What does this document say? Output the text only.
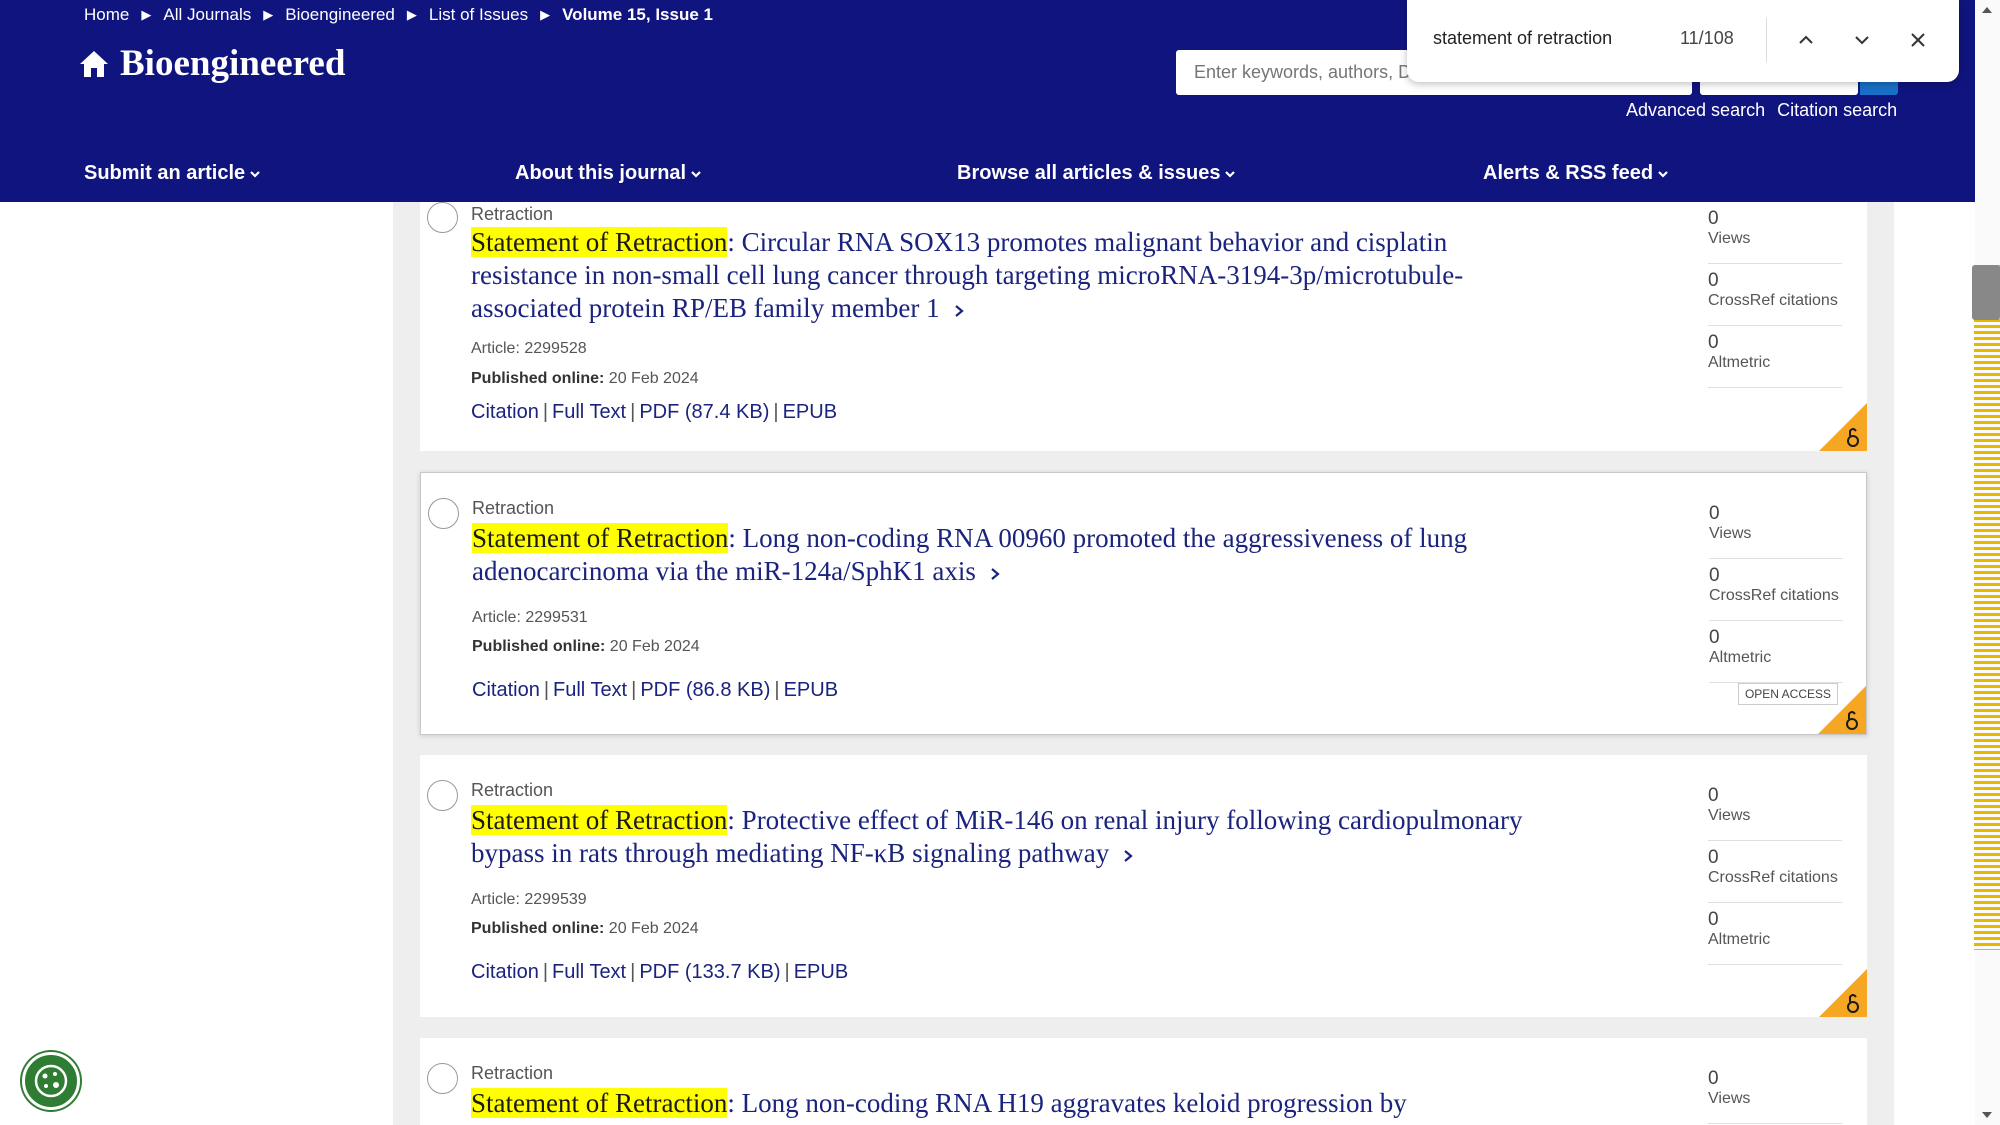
Home ▶ All Journals ▶ Bioengineered ▶ List of Issues ▶ Volume 15, Issue 1
Bioengineered
Enter keywords, authors, DOI, ORCID etc
Advanced search Citation search
Submit an article	About this journal	Browse all articles & issues	Alerts & RSS feed
statement of retraction	11/108
Retraction
Statement of Retraction: Circular RNA SOX13 promotes malignant behavior and cisplatin resistance in non-small cell lung cancer through targeting microRNA-3194-3p/microtubule-associated protein RP/EB family member 1
Article: 2299528
Published online: 20 Feb 2024
Citation | Full Text | PDF (87.4 KB) | EPUB
0
Views
0
CrossRef citations
0
Altmetric
Retraction
Statement of Retraction: Long non-coding RNA 00960 promoted the aggressiveness of lung adenocarcinoma via the miR-124a/SphK1 axis
Article: 2299531
Published online: 20 Feb 2024
Citation | Full Text | PDF (86.8 KB) | EPUB
0
Views
0
CrossRef citations
0
Altmetric
OPEN ACCESS
Retraction
Statement of Retraction: Protective effect of MiR-146 on renal injury following cardiopulmonary bypass in rats through mediating NF-κB signaling pathway
Article: 2299539
Published online: 20 Feb 2024
Citation | Full Text | PDF (133.7 KB) | EPUB
0
Views
0
CrossRef citations
0
Altmetric
Retraction
Statement of Retraction: Long non-coding RNA H19 aggravates keloid progression by
0
Views
